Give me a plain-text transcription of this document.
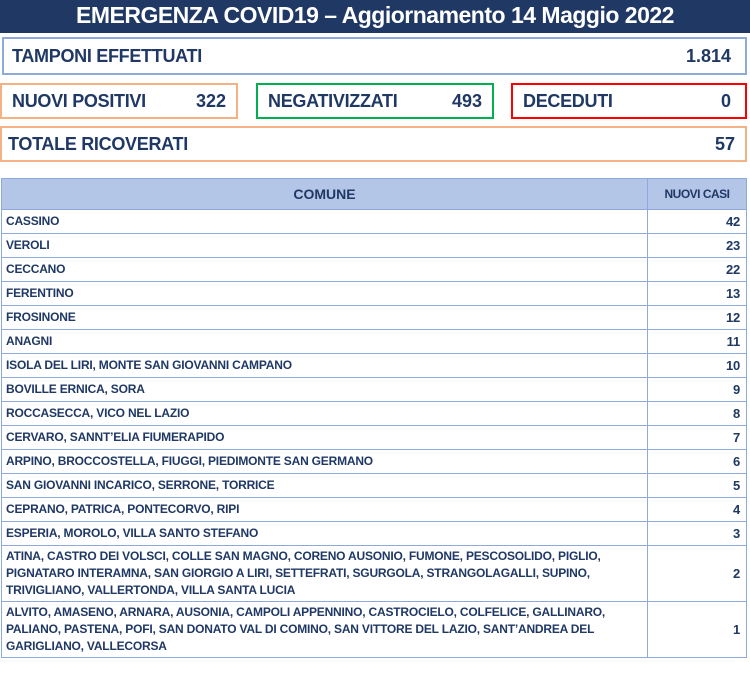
EMERGENZA COVID19 – Aggiornamento 14 Maggio 2022
TAMPONI EFFETTUATI	1.814
NUOVI POSITIVI	322 NEGATIVIZZATI	493 DECEDUTI	0
TOTALE RICOVERATI	57
COMUNE	NUOVI CASI
CASSINO	42
VEROLI	23
CECCANO	22
FERENTINO	13
FROSINONE	12
ANAGNI	11
ISOLA DEL LIRI, MONTE SAN GIOVANNI CAMPANO	10
BOVILLE ERNICA, SORA	9
ROCCASECCA, VICO NEL LAZIO	8
CERVARO, SANNT’ELIA FIUMERAPIDO	7
ARPINO, BROCCOSTELLA, FIUGGI, PIEDIMONTE SAN GERMANO	6
SAN GIOVANNI INCARICO, SERRONE, TORRICE	5
CEPRANO, PATRICA, PONTECORVO, RIPI	4
ESPERIA, MOROLO, VILLA SANTO STEFANO	3
ATINA, CASTRO DEI VOLSCI, COLLE SAN MAGNO, CORENO AUSONIO, FUMONE, PESCOSOLIDO, PIGLIO, PIGNATARO INTERAMNA, SAN GIORGIO A LIRI, SETTEFRATI, SGURGOLA, STRANGOLAGALLI, SUPINO, TRIVIGLIANO, VALLERTONDA, VILLA SANTA LUCIA	2
ALVITO, AMASENO, ARNARA, AUSONIA, CAMPOLI APPENNINO, CASTROCIELO, COLFELICE, GALLINARO, PALIANO, PASTENA, POFI, SAN DONATO VAL DI COMINO, SAN VITTORE DEL LAZIO, SANT’ANDREA DEL GARIGLIANO, VALLECORSA	1
